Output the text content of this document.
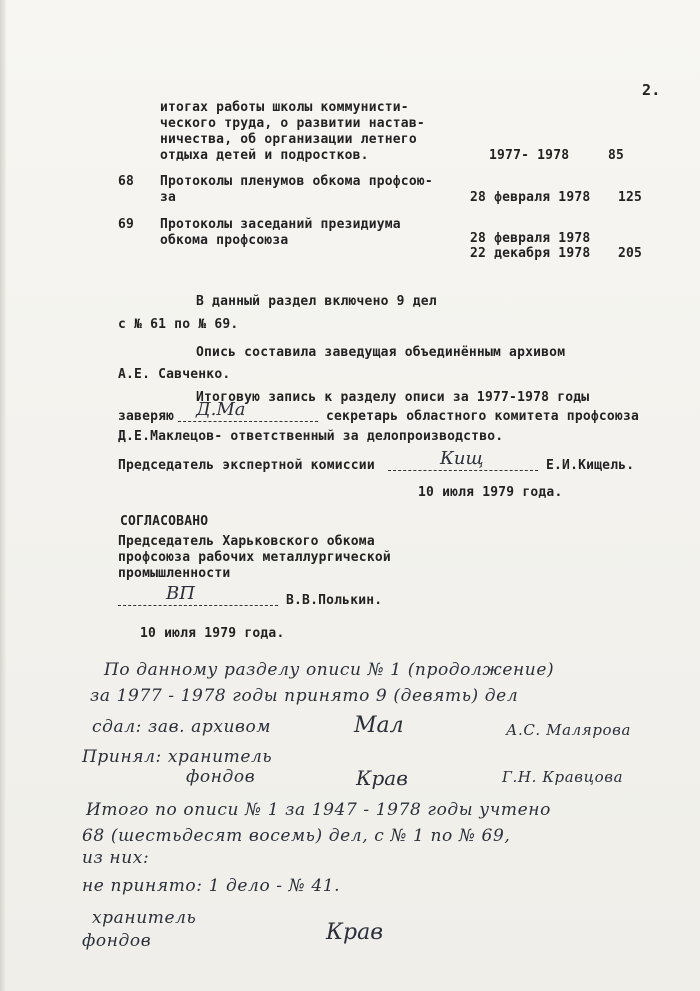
2.
итогах работы школы коммунисти-
ческого труда, о развитии настав-
ничества, об организации летнего
отдыха детей и подростков.	1977- 1978	85
68 Протоколы пленумов обкома профсою-
за	28 февраля 1978 125
69 Протоколы заседаний президиума
обкома профсоюза	28 февраля 1978
22 декабря 1978 205
В данный раздел включено 9 дел
с № 61 по № 69.
Опись составила заведущая объединённым архивом
А.Е. Савченко.
Итоговую запись к разделу описи за 1977-1978 годы
заверяю Д.Ма	секретарь областного комитета профсоюза
Д.Е.Маклецов- ответственный за делопроизводство.
Председатель экспертной комиссии	Кищ	Е.И.Кищель.
10 июля 1979 года.
СОГЛАСОВАНО
Председатель Харьковского обкома
профсоюза рабочих металлургической
промышленности
ВП	В.В.Полькин.
10 июля 1979 года.
По данному разделу описи № 1 (продолжение)
за 1977 - 1978 годы принято 9 (девять) дел
сдал: зав. архивом	Мал	А.С. Малярова
Принял: хранитель
фондов	Крав	Г.Н. Кравцова
Итого по описи № 1 за 1947 - 1978 годы учтено
68 (шестьдесят восемь) дел, с № 1 по № 69,
из них:
не принято: 1 дело - № 41.
хранитель
фондов	Крав
